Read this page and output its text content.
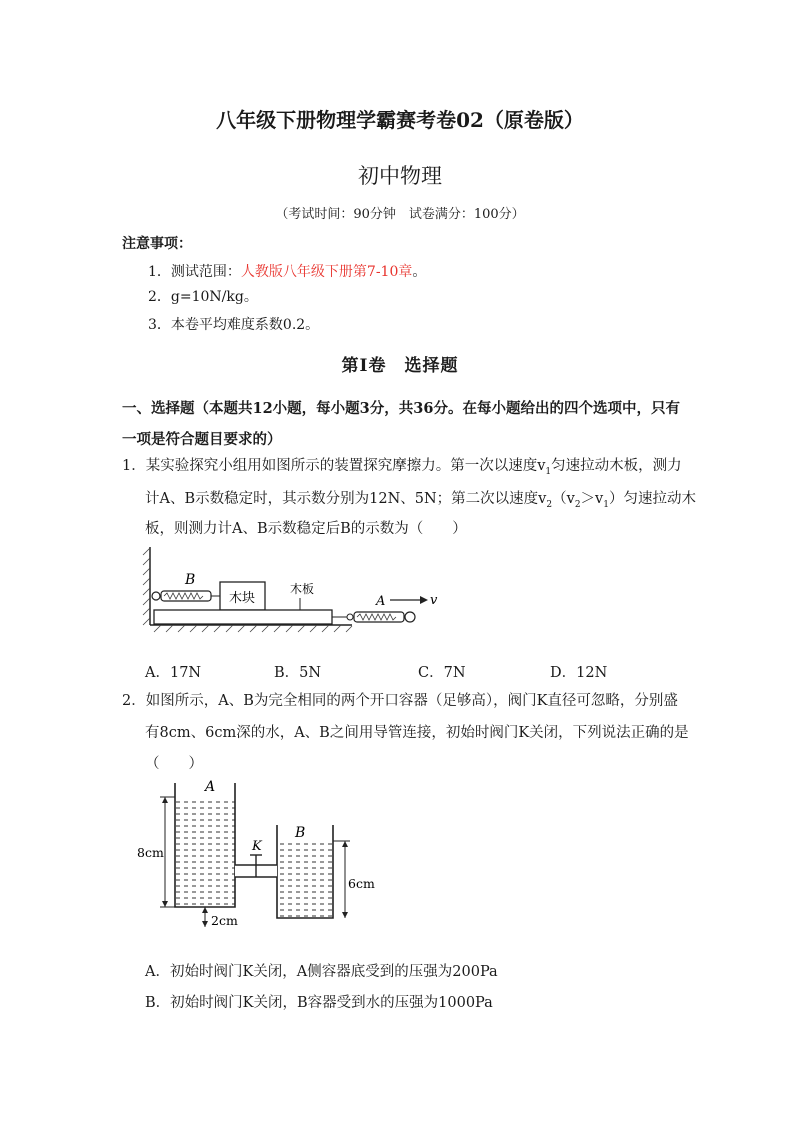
八年级下册物理学霸赛考卷02（原卷版）
初中物理
（考试时间：90分钟　试卷满分：100分）
注意事项：
1．测试范围：人教版八年级下册第7-10章。
2．g=10N/kg。
3．本卷平均难度系数0.2。
第Ⅰ卷　选择题
一、选择题（本题共12小题，每小题3分，共36分。在每小题给出的四个选项中，只有
一项是符合题目要求的）
1．某实验探究小组用如图所示的装置探究摩擦力。第一次以速度$v_1$匀速拉动木板，测力
计A、B示数稳定时，其示数分别为12N、5N；第二次以速度$v_2(v_2>v_1)$匀速拉动木
板，则测力计A、B示数稳定后B的示数为（　　）
B
木块
木板
A	v
A．17N	B．5N	C．7N	D．12N
2．如图所示，A、B为完全相同的两个开口容器（足够高），阀门K直径可忽略，分别盛
有8cm、6cm深的水，A、B之间用导管连接，初始时阀门K关闭，下列说法正确的是
（　　）
A
B
K
8cm
6cm
2cm
A．初始时阀门K关闭，A侧容器底受到的压强为200Pa
B．初始时阀门K关闭，B容器受到水的压强为1000Pa
